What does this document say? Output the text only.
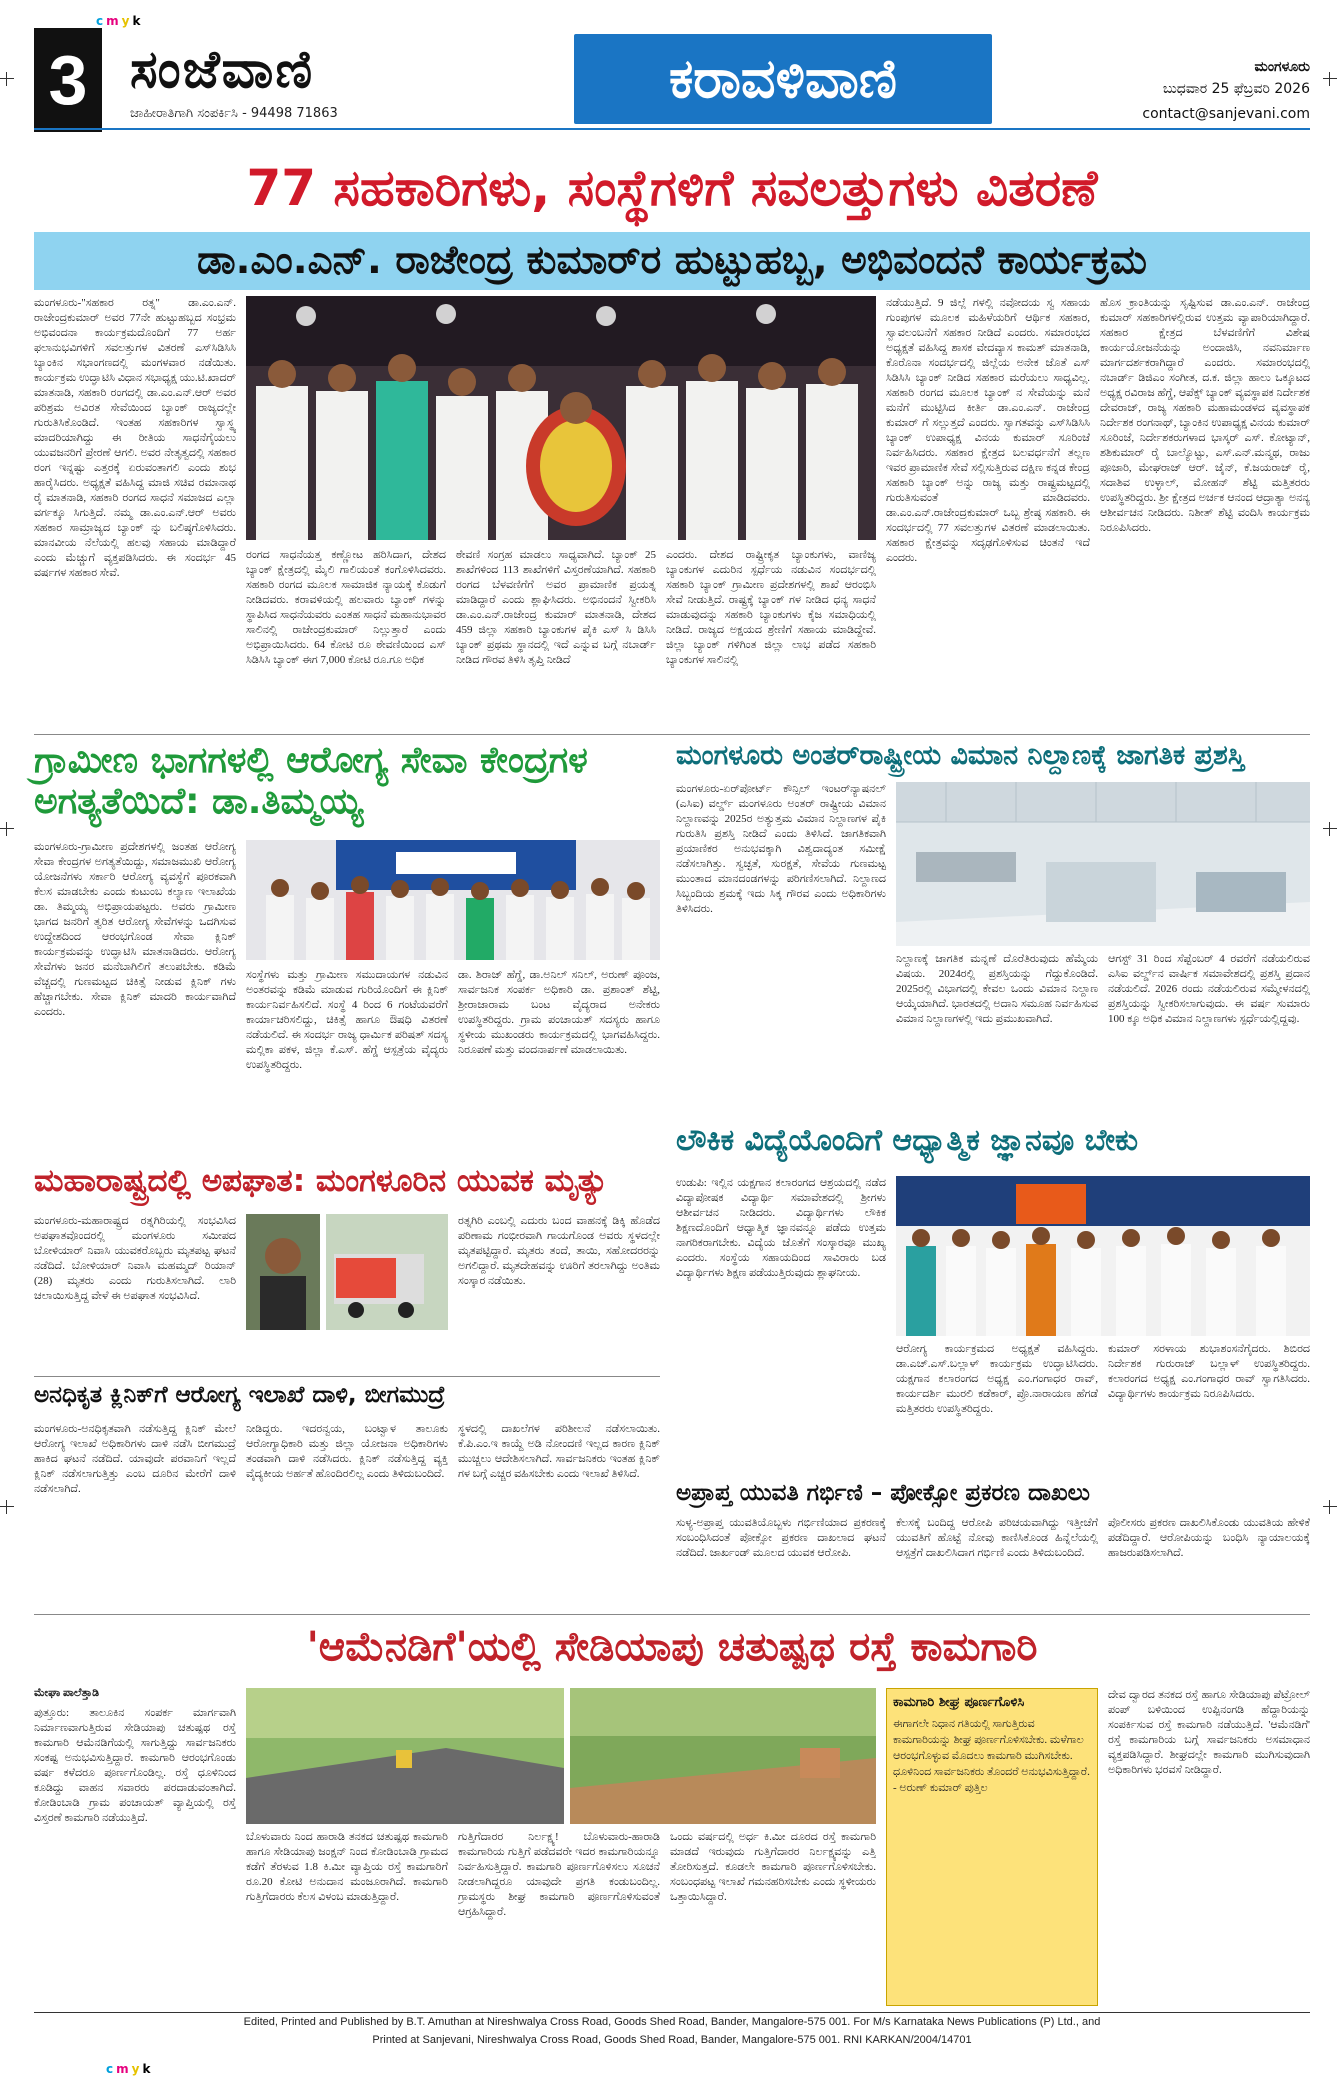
cmyk
3 ಸಂಜೆವಾಣಿ
ಜಾಹೀರಾತಿಗಾಗಿ ಸಂಪರ್ಕಿಸಿ - 94498 71863
ಕರಾವಳಿವಾಣಿ	ಮಂಗಳೂರು
ಬುಧವಾರ 25 ಫೆಬ್ರವರಿ 2026
contact@sanjevani.com
77 ಸಹಕಾರಿಗಳು, ಸಂಸ್ಥೆಗಳಿಗೆ ಸವಲತ್ತುಗಳು ವಿತರಣೆ
ಡಾ.ಎಂ.ಎನ್. ರಾಜೇಂದ್ರ ಕುಮಾರ್‌ರ ಹುಟ್ಟುಹಬ್ಬ, ಅಭಿವಂದನೆ ಕಾರ್ಯಕ್ರಮ
ಮಂಗಳೂರು-"ಸಹಕಾರ ರತ್ನ" ಡಾ.ಎಂ.ಎನ್. ರಾಜೇಂದ್ರಕುಮಾರ್ ಅವರ 77ನೇ ಹುಟ್ಟುಹಬ್ಬದ ಸಂಭ್ರಮ ಅಭಿವಂದನಾ ಕಾರ್ಯಕ್ರಮದೊಂದಿಗೆ 77 ಅರ್ಹ ಫಲಾನುಭವಿಗಳಿಗೆ ಸವಲತ್ತುಗಳ ವಿತರಣೆ ಎಸ್‌ಸಿಡಿಸಿಸಿ ಬ್ಯಾಂಕಿನ ಸಭಾಂಗಣದಲ್ಲಿ ಮಂಗಳವಾರ ನಡೆಯಿತು. ಕಾರ್ಯಕ್ರಮ ಉದ್ಘಾಟಿಸಿ ವಿಧಾನ ಸಭಾಧ್ಯಕ್ಷ ಯು.ಟಿ.ಖಾದರ್ ಮಾತನಾಡಿ, ಸಹಕಾರಿ ರಂಗದಲ್ಲಿ ಡಾ.ಎಂ.ಎನ್.ಆರ್ ಅವರ ಪರಿಶ್ರಮ ಅವಿರತ ಸೇವೆಯಿಂದ ಬ್ಯಾಂಕ್ ರಾಜ್ಯದಲ್ಲೇ ಗುರುತಿಸಿಕೊಂಡಿದೆ. ಇಂತಹ ಸಹಕಾರಿಗಳ ಸ್ವಾಸ್ಥ್ಯ ಮಾದರಿಯಾಗಿದ್ದು ಈ ರೀತಿಯ ಸಾಧನೆಗೈಯಲು ಯುವಜನರಿಗೆ ಪ್ರೇರಣೆ ಆಗಲಿ. ಅವರ ನೇತೃತ್ವದಲ್ಲಿ ಸಹಕಾರ ರಂಗ ಇನ್ನಷ್ಟು ಎತ್ತರಕ್ಕೆ ಏರುವಂತಾಗಲಿ ಎಂದು ಶುಭ ಹಾರೈಸಿದರು. ಅಧ್ಯಕ್ಷತೆ ವಹಿಸಿದ್ದ ಮಾಜಿ ಸಚಿವ ರಮಾನಾಥ ರೈ ಮಾತನಾಡಿ, ಸಹಕಾರಿ ರಂಗದ ಸಾಧನೆ ಸಮಾಜದ ಎಲ್ಲಾ ವರ್ಗಕ್ಕೂ ಸಿಗುತ್ತಿದೆ. ನಮ್ಮ ಡಾ.ಎಂ.ಎನ್.ಆರ್ ಅವರು ಸಹಕಾರ ಸಾಮ್ರಾಜ್ಯದ ಬ್ಯಾಂಕ್ ನ್ನು ಬಲಿಷ್ಠಗೊಳಿಸಿದರು. ಮಾನವೀಯ ನೆಲೆಯಲ್ಲಿ ಹಲವು ಸಹಾಯ ಮಾಡಿದ್ದಾರೆ ಎಂದು ಮೆಚ್ಚುಗೆ ವ್ಯಕ್ತಪಡಿಸಿದರು. ಈ ಸಂದರ್ಭ 45 ವರ್ಷಗಳ ಸಹಕಾರ ಸೇವೆ.
ರಂಗದ ಸಾಧನೆಯತ್ತ ಕಣ್ಣೋಟ ಹರಿಸಿದಾಗ, ದೇಶದ ಬ್ಯಾಂಕ್ ಕ್ಷೇತ್ರದಲ್ಲಿ ಮೈಲಿ ಗಾಲಿಯಂತೆ ಕಂಗೊಳಿಸಿದವರು. ಸಹಕಾರಿ ರಂಗದ ಮೂಲಕ ಸಾಮಾಜಿಕ ನ್ಯಾಯಕ್ಕೆ ಕೊಡುಗೆ ನೀಡಿದವರು. ಕರಾವಳಿಯಲ್ಲಿ ಹಲವಾರು ಬ್ಯಾಂಕ್ ಗಳನ್ನು ಸ್ಥಾಪಿಸಿದ ಸಾಧನೆಯವರು ಎಂತಹ ಸಾಧನೆ ಮಹಾನುಭಾವರ ಸಾಲಿನಲ್ಲಿ ರಾಜೇಂದ್ರಕುಮಾರ್ ನಿಲ್ಲುತ್ತಾರೆ ಎಂದು ಅಭಿಪ್ರಾಯಿಸಿದರು. 64 ಕೋಟಿ ರೂ ಠೇವಣಿಯಿಂದ ಎಸ್ ಸಿಡಿಸಿಸಿ ಬ್ಯಾಂಕ್ ಈಗ 7,000 ಕೋಟಿ ರೂ.ಗೂ ಅಧಿಕ
ಠೇವಣಿ ಸಂಗ್ರಹ ಮಾಡಲು ಸಾಧ್ಯವಾಗಿದೆ. ಬ್ಯಾಂಕ್ 25 ಶಾಖೆಗಳಿಂದ 113 ಶಾಖೆಗಳಿಗೆ ವಿಸ್ತರಣೆಯಾಗಿದೆ. ಸಹಕಾರಿ ರಂಗದ ಬೆಳವಣಿಗೆಗೆ ಅವರ ಪ್ರಾಮಾಣಿಕ ಪ್ರಯತ್ನ ಮಾಡಿದ್ದಾರೆ ಎಂದು ಶ್ಲಾಘಿಸಿದರು. ಅಭಿನಂದನೆ ಸ್ವೀಕರಿಸಿ ಡಾ.ಎಂ.ಎನ್.ರಾಜೇಂದ್ರ ಕುಮಾರ್ ಮಾತನಾಡಿ, ದೇಶದ 459 ಜಿಲ್ಲಾ ಸಹಕಾರಿ ಬ್ಯಾಂಕುಗಳ ಪೈಕಿ ಎಸ್ ಸಿ ಡಿಸಿಸಿ ಬ್ಯಾಂಕ್ ಪ್ರಥಮ ಸ್ಥಾನದಲ್ಲಿ ಇದೆ ಎನ್ನುವ ಬಗ್ಗೆ ನಬಾರ್ಡ್ ನೀಡಿದ ಗೌರವ ತಿಳಿಸಿ ತೃಪ್ತಿ ನೀಡಿದೆ
ಎಂದರು. ದೇಶದ ರಾಷ್ಟ್ರೀಕೃತ ಬ್ಯಾಂಕುಗಳು, ವಾಣಿಜ್ಯ ಬ್ಯಾಂಕುಗಳ ಎದುರಿನ ಸ್ಪರ್ಧೆಯ ನಡುವಿನ ಸಂದರ್ಭದಲ್ಲಿ ಸಹಕಾರಿ ಬ್ಯಾಂಕ್ ಗ್ರಾಮೀಣ ಪ್ರದೇಶಗಳಲ್ಲಿ ಶಾಖೆ ಆರಂಭಿಸಿ ಸೇವೆ ನೀಡುತ್ತಿದೆ. ರಾಷ್ಟ್ರಕ್ಕೆ ಬ್ಯಾಂಕ್ ಗಳ ನೀಡಿದ ಧನ್ಯ ಸಾಧನೆ ಮಾಡುವುದನ್ನು ಸಹಕಾರಿ ಬ್ಯಾಂಕುಗಳು ಕೈಜ ಸಮಾಧಿಯಲ್ಲಿ ನೀಡಿದೆ. ರಾಜ್ಯದ ಅಕ್ಷಯದ ಶ್ರೇಣಿಗೆ ಸಹಾಯ ಮಾಡಿದ್ದೇವೆ. ಜಿಲ್ಲಾ ಬ್ಯಾಂಕ್ ಗಳಿಗಿಂತ ಜಿಲ್ಲಾ ಲಾಭ ಪಡೆದ ಸಹಕಾರಿ ಬ್ಯಾಂಕುಗಳ ಸಾಲಿನಲ್ಲಿ
ನಡೆಯುತ್ತಿದೆ. 9 ಜಿಲ್ಲೆ ಗಳಲ್ಲಿ ನವೋದಯ ಸ್ವ ಸಹಾಯ ಗುಂಪುಗಳ ಮೂಲಕ ಮಹಿಳೆಯರಿಗೆ ಆರ್ಥಿಕ ಸಹಕಾರ, ಸ್ವಾವಲಂಬನೆಗೆ ಸಹಕಾರ ನೀಡಿದೆ ಎಂದರು. ಸಮಾರಂಭದ ಅಧ್ಯಕ್ಷತೆ ವಹಿಸಿದ್ದ ಶಾಸಕ ವೇದವ್ಯಾಸ ಕಾಮತ್ ಮಾತನಾಡಿ, ಕೊರೊನಾ ಸಂದರ್ಭದಲ್ಲಿ ಜಿಲ್ಲೆಯ ಅನೇಕ ಜೊತೆ ಎಸ್ ಸಿಡಿಸಿಸಿ ಬ್ಯಾಂಕ್ ನೀಡಿದ ಸಹಕಾರ ಮರೆಯಲು ಸಾಧ್ಯವಿಲ್ಲ. ಸಹಕಾರಿ ರಂಗದ ಮೂಲಕ ಬ್ಯಾಂಕ್ ನ ಸೇವೆಯನ್ನು ಮನೆ ಮನೆಗೆ ಮುಟ್ಟಿಸಿದ ಕೀರ್ತಿ ಡಾ.ಎಂ.ಎನ್. ರಾಜೇಂದ್ರ ಕುಮಾರ್ ಗೆ ಸಲ್ಲುತ್ತದೆ ಎಂದರು. ಸ್ವಾಗತವನ್ನು ಎಸ್‌ಸಿಡಿಸಿಸಿ ಬ್ಯಾಂಕ್ ಉಪಾಧ್ಯಕ್ಷ ವಿನಯ ಕುಮಾರ್ ಸೂರಿಂಜೆ ನಿರ್ವಹಿಸಿದರು. ಸಹಕಾರ ಕ್ಷೇತ್ರದ ಬಲವರ್ಧನೆಗೆ ತಲ್ಲಣ ಇವರ ಪ್ರಾಮಾಣಿಕ ಸೇವೆ ಸಲ್ಲಿಸುತ್ತಿರುವ ದಕ್ಷಿಣ ಕನ್ನಡ ಕೇಂದ್ರ ಸಹಕಾರಿ ಬ್ಯಾಂಕ್ ಅನ್ನು ರಾಜ್ಯ ಮತ್ತು ರಾಷ್ಟ್ರಮಟ್ಟದಲ್ಲಿ ಗುರುತಿಸುವಂತೆ ಮಾಡಿದವರು. ಡಾ.ಎಂ.ಎನ್.ರಾಜೇಂದ್ರಕುಮಾರ್ ಒಬ್ಬ ಶ್ರೇಷ್ಠ ಸಹಕಾರಿ. ಈ ಸಂದರ್ಭದಲ್ಲಿ 77 ಸವಲತ್ತುಗಳ ವಿತರಣೆ ಮಾಡಲಾಯಿತು. ಸಹಕಾರ ಕ್ಷೇತ್ರವನ್ನು ಸದೃಢಗೊಳಿಸುವ ಚಿಂತನೆ ಇದೆ ಎಂದರು.
ಹೊಸ ಕ್ರಾಂತಿಯನ್ನು ಸೃಷ್ಟಿಸುವ ಡಾ.ಎಂ.ಎನ್. ರಾಜೇಂದ್ರ ಕುಮಾರ್ ಸಹಕಾರಿಗಳಲ್ಲಿರುವ ಉತ್ತಮ ವ್ಯಾಪಾರಿಯಾಗಿದ್ದಾರೆ. ಸಹಕಾರ ಕ್ಷೇತ್ರದ ಬೆಳವಣಿಗೆಗೆ ವಿಶೇಷ ಕಾರ್ಯಯೋಜನೆಯನ್ನು ಅಂದಾಜಿಸಿ, ನವನಿರ್ಮಾಣ ಮಾರ್ಗದರ್ಶಕರಾಗಿದ್ದಾರೆ ಎಂದರು. ಸಮಾರಂಭದಲ್ಲಿ ನಬಾರ್ಡ್ ಡಿಜಿಎಂ ಸಂಗೀತ, ದ.ಕ. ಜಿಲ್ಲಾ ಹಾಲು ಒಕ್ಕೂಟದ ಅಧ್ಯಕ್ಷ ರವಿರಾಜ ಹೆಗ್ಡೆ, ಆಪೆಕ್ಸ್ ಬ್ಯಾಂಕ್ ವ್ಯವಸ್ಥಾಪಕ ನಿರ್ದೇಶಕ ದೇವರಾಜ್, ರಾಜ್ಯ ಸಹಕಾರಿ ಮಹಾಮಂಡಳದ ವ್ಯವಸ್ಥಾಪಕ ನಿರ್ದೇಶಕ ರಂಗನಾಥ್, ಬ್ಯಾಂಕಿನ ಉಪಾಧ್ಯಕ್ಷ ವಿನಯ ಕುಮಾರ್ ಸೂರಿಂಜೆ, ನಿರ್ದೇಶಕರುಗಳಾದ ಭಾಸ್ಕರ್ ಎಸ್. ಕೋಟ್ಯಾನ್, ಶಶಿಕುಮಾರ್ ರೈ ಬಾಲ್ಯೊಟ್ಟು, ಎಸ್.ಎನ್.ಮನ್ಮಥ, ರಾಜು ಪೂಜಾರಿ, ಮೇಘರಾಜ್ ಆರ್. ಜೈನ್, ಕೆ.ಜಯರಾಜ್ ರೈ, ಸದಾಶಿವ ಉಳ್ಳಾಲ್, ಮೋಹನ್ ಶೆಟ್ಟಿ ಮತ್ತಿತರರು ಉಪಸ್ಥಿತರಿದ್ದರು. ಶ್ರೀ ಕ್ಷೇತ್ರದ ಅರ್ಚಕ ಆನಂದ ಆದ್ರಾತ್ಯಾ ಅನನ್ಯ ಆಶೀರ್ವಚನ ನೀಡಿದರು. ನಿಶೀತ್ ಶೆಟ್ಟಿ ವಂದಿಸಿ ಕಾರ್ಯಕ್ರಮ ನಿರೂಪಿಸಿದರು.
ಗ್ರಾಮೀಣ ಭಾಗಗಳಲ್ಲಿ ಆರೋಗ್ಯ ಸೇವಾ ಕೇಂದ್ರಗಳ ಅಗತ್ಯತೆಯಿದೆ: ಡಾ.ತಿಮ್ಮಯ್ಯ
ಮಂಗಳೂರು-ಗ್ರಾಮೀಣ ಪ್ರದೇಶಗಳಲ್ಲಿ ಜಂತಹ ಆರೋಗ್ಯ ಸೇವಾ ಕೇಂದ್ರಗಳ ಅಗತ್ಯತೆಯಿದ್ದು, ಸಮಾಜಮುಖಿ ಆರೋಗ್ಯ ಯೋಜನೆಗಳು ಸರ್ಕಾರಿ ಆರೋಗ್ಯ ವ್ಯವಸ್ಥೆಗೆ ಪೂರಕವಾಗಿ ಕೆಲಸ ಮಾಡಬೇಕು ಎಂದು ಕುಟುಂಬ ಕಲ್ಯಾಣ ಇಲಾಖೆಯ ಡಾ. ತಿಮ್ಮಯ್ಯ ಅಭಿಪ್ರಾಯಪಟ್ಟರು. ಅವರು ಗ್ರಾಮೀಣ ಭಾಗದ ಜನರಿಗೆ ತ್ವರಿತ ಆರೋಗ್ಯ ಸೇವೆಗಳನ್ನು ಒದಗಿಸುವ ಉದ್ದೇಶದಿಂದ ಆರಂಭಗೊಂಡ ಸೇವಾ ಕ್ಲಿನಿಕ್ ಕಾರ್ಯಕ್ರಮವನ್ನು ಉದ್ಘಾಟಿಸಿ ಮಾತನಾಡಿದರು. ಆರೋಗ್ಯ ಸೇವೆಗಳು ಜನರ ಮನೆಬಾಗಿಲಿಗೆ ತಲುಪಬೇಕು. ಕಡಿಮೆ ವೆಚ್ಚದಲ್ಲಿ ಗುಣಮಟ್ಟದ ಚಿಕಿತ್ಸೆ ನೀಡುವ ಕ್ಲಿನಿಕ್ ಗಳು ಹೆಚ್ಚಾಗಬೇಕು. ಸೇವಾ ಕ್ಲಿನಿಕ್ ಮಾದರಿ ಕಾರ್ಯವಾಗಿದೆ ಎಂದರು.
ಸಂಸ್ಥೆಗಳು ಮತ್ತು ಗ್ರಾಮೀಣ ಸಮುದಾಯಗಳ ನಡುವಿನ ಅಂತರವನ್ನು ಕಡಿಮೆ ಮಾಡುವ ಗುರಿಯೊಂದಿಗೆ ಈ ಕ್ಲಿನಿಕ್ ಕಾರ್ಯನಿರ್ವಹಿಸಲಿದೆ. ಸಂಸ್ಥೆ 4 ರಿಂದ 6 ಗಂಟೆಯವರೆಗೆ ಕಾರ್ಯಾಚರಿಸಲಿದ್ದು, ಚಿಕಿತ್ಸೆ ಹಾಗೂ ಔಷಧಿ ವಿತರಣೆ ನಡೆಯಲಿದೆ. ಈ ಸಂದರ್ಭ ರಾಜ್ಯ ಧಾರ್ಮಿಕ ಪರಿಷತ್ ಸದಸ್ಯ ಮಲ್ಲಿಕಾ ಪಕಳ, ಜಿಲ್ಲಾ ಕೆ.ಎಸ್. ಹೆಗ್ಡೆ ಆಸ್ಪತ್ರೆಯ ವೈದ್ಯರು ಉಪಸ್ಥಿತರಿದ್ದರು.
ಡಾ. ಶಿರಾಜ್ ಹೆಗ್ಡೆ, ಡಾ.ಅನಿಲ್ ಸನಿಲ್, ಅರುಣ್ ಪೂಂಜ, ಸಾರ್ವಜನಿಕ ಸಂಪರ್ಕ ಅಧಿಕಾರಿ ಡಾ. ಪ್ರಶಾಂತ್ ಶೆಟ್ಟಿ, ಶ್ರೀರಾಜಾರಾಮ ಬಂಟ ವೈದ್ಯರಾದ ಅನೇಕರು ಉಪಸ್ಥಿತರಿದ್ದರು. ಗ್ರಾಮ ಪಂಚಾಯತ್ ಸದಸ್ಯರು ಹಾಗೂ ಸ್ಥಳೀಯ ಮುಖಂಡರು ಕಾರ್ಯಕ್ರಮದಲ್ಲಿ ಭಾಗವಹಿಸಿದ್ದರು. ನಿರೂಪಣೆ ಮತ್ತು ವಂದನಾರ್ಪಣೆ ಮಾಡಲಾಯಿತು.
ಮಂಗಳೂರು ಅಂತರ್‌ರಾಷ್ಟ್ರೀಯ ವಿಮಾನ ನಿಲ್ದಾಣಕ್ಕೆ ಜಾಗತಿಕ ಪ್ರಶಸ್ತಿ
ಮಂಗಳೂರು-ಏರ್‌ಪೋರ್ಟ್ ಕೌನ್ಸಿಲ್ ಇಂಟರ್‌ನ್ಯಾಷನಲ್ (ಎಸಿಐ) ವರ್ಲ್ಡ್ ಮಂಗಳೂರು ಅಂತರ್ ರಾಷ್ಟ್ರೀಯ ವಿಮಾನ ನಿಲ್ದಾಣವನ್ನು 2025ರ ಅತ್ಯುತ್ತಮ ವಿಮಾನ ನಿಲ್ದಾಣಗಳ ಪೈಕಿ ಗುರುತಿಸಿ ಪ್ರಶಸ್ತಿ ನೀಡಿದೆ ಎಂದು ತಿಳಿಸಿದೆ. ಜಾಗತಿಕವಾಗಿ ಪ್ರಯಾಣಿಕರ ಅನುಭವಕ್ಕಾಗಿ ವಿಶ್ವದಾದ್ಯಂತ ಸಮೀಕ್ಷೆ ನಡೆಸಲಾಗಿತ್ತು. ಸ್ವಚ್ಛತೆ, ಸುರಕ್ಷತೆ, ಸೇವೆಯ ಗುಣಮಟ್ಟ ಮುಂತಾದ ಮಾನದಂಡಗಳನ್ನು ಪರಿಗಣಿಸಲಾಗಿದೆ. ನಿಲ್ದಾಣದ ಸಿಬ್ಬಂದಿಯ ಶ್ರಮಕ್ಕೆ ಇದು ಸಿಕ್ಕ ಗೌರವ ಎಂದು ಅಧಿಕಾರಿಗಳು ತಿಳಿಸಿದರು.
ನಿಲ್ದಾಣಕ್ಕೆ ಜಾಗತಿಕ ಮನ್ನಣೆ ದೊರೆತಿರುವುದು ಹೆಮ್ಮೆಯ ವಿಷಯ. 2024ರಲ್ಲಿ ಪ್ರಶಸ್ತಿಯನ್ನು ಗೆದ್ದುಕೊಂಡಿದೆ. 2025ರಲ್ಲಿ ವಿಭಾಗದಲ್ಲಿ ಕೇವಲ ಒಂದು ವಿಮಾನ ನಿಲ್ದಾಣ ಆಯ್ಕೆಯಾಗಿದೆ. ಭಾರತದಲ್ಲಿ ಅದಾನಿ ಸಮೂಹ ನಿರ್ವಹಿಸುವ ವಿಮಾನ ನಿಲ್ದಾಣಗಳಲ್ಲಿ ಇದು ಪ್ರಮುಖವಾಗಿದೆ.
ಆಗಸ್ಟ್ 31 ರಿಂದ ಸೆಪ್ಟೆಂಬರ್ 4 ರವರೆಗೆ ನಡೆಯಲಿರುವ ಎಸಿಐ ವರ್ಲ್ಡ್‌ನ ವಾರ್ಷಿಕ ಸಮಾವೇಶದಲ್ಲಿ ಪ್ರಶಸ್ತಿ ಪ್ರದಾನ ನಡೆಯಲಿದೆ. 2026 ರಂದು ನಡೆಯಲಿರುವ ಸಮ್ಮೇಳನದಲ್ಲಿ ಪ್ರಶಸ್ತಿಯನ್ನು ಸ್ವೀಕರಿಸಲಾಗುವುದು. ಈ ವರ್ಷ ಸುಮಾರು 100 ಕ್ಕೂ ಅಧಿಕ ವಿಮಾನ ನಿಲ್ದಾಣಗಳು ಸ್ಪರ್ಧೆಯಲ್ಲಿದ್ದವು.
ಲೌಕಿಕ ವಿದ್ಯೆಯೊಂದಿಗೆ ಆಧ್ಯಾತ್ಮಿಕ ಜ್ಞಾನವೂ ಬೇಕು
ಉಡುಪಿ: ಇಲ್ಲಿನ ಯಕ್ಷಗಾನ ಕಲಾರಂಗದ ಆಶ್ರಯದಲ್ಲಿ ನಡೆದ ವಿದ್ಯಾಪೋಷಕ ವಿದ್ಯಾರ್ಥಿ ಸಮಾವೇಶದಲ್ಲಿ ಶ್ರೀಗಳು ಆಶೀರ್ವಚನ ನೀಡಿದರು. ವಿದ್ಯಾರ್ಥಿಗಳು ಲೌಕಿಕ ಶಿಕ್ಷಣದೊಂದಿಗೆ ಆಧ್ಯಾತ್ಮಿಕ ಜ್ಞಾನವನ್ನೂ ಪಡೆದು ಉತ್ತಮ ನಾಗರಿಕರಾಗಬೇಕು. ವಿದ್ಯೆಯ ಜೊತೆಗೆ ಸಂಸ್ಕಾರವೂ ಮುಖ್ಯ ಎಂದರು. ಸಂಸ್ಥೆಯ ಸಹಾಯದಿಂದ ಸಾವಿರಾರು ಬಡ ವಿದ್ಯಾರ್ಥಿಗಳು ಶಿಕ್ಷಣ ಪಡೆಯುತ್ತಿರುವುದು ಶ್ಲಾಘನೀಯ.
ಆರೋಗ್ಯ ಕಾರ್ಯಕ್ರಮದ ಅಧ್ಯಕ್ಷತೆ ವಹಿಸಿದ್ದರು. ಡಾ.ಎಚ್.ಎಸ್.ಬಲ್ಲಾಳ್ ಕಾರ್ಯಕ್ರಮ ಉದ್ಘಾಟಿಸಿದರು. ಯಕ್ಷಗಾನ ಕಲಾರಂಗದ ಅಧ್ಯಕ್ಷ ಎಂ.ಗಂಗಾಧರ ರಾವ್, ಕಾರ್ಯದರ್ಶಿ ಮುರಲಿ ಕಡೆಕಾರ್, ಪ್ರೊ.ನಾರಾಯಣ ಹೆಗಡೆ ಮತ್ತಿತರರು ಉಪಸ್ಥಿತರಿದ್ದರು.
ಕುಮಾರ್ ಸರಳಾಯ ಶುಭಾಶಂಸನೆಗೈದರು. ಶಿಬಿರದ ನಿರ್ದೇಶಕ ಗುರುರಾಜ್ ಬಲ್ಲಾಳ್ ಉಪಸ್ಥಿತರಿದ್ದರು. ಕಲಾರಂಗದ ಅಧ್ಯಕ್ಷ ಎಂ.ಗಂಗಾಧರ ರಾವ್ ಸ್ವಾಗತಿಸಿದರು. ವಿದ್ಯಾರ್ಥಿಗಳು ಕಾರ್ಯಕ್ರಮ ನಿರೂಪಿಸಿದರು.
ಮಹಾರಾಷ್ಟ್ರದಲ್ಲಿ ಅಪಘಾತ: ಮಂಗಳೂರಿನ ಯುವಕ ಮೃತ್ಯು
ಮಂಗಳೂರು-ಮಹಾರಾಷ್ಟ್ರದ ರತ್ನಗಿರಿಯಲ್ಲಿ ಸಂಭವಿಸಿದ ಅಪಘಾತವೊಂದರಲ್ಲಿ ಮಂಗಳೂರು ಸಮೀಪದ ಬೋಳಿಯಾರ್ ನಿವಾಸಿ ಯುವಕರೊಬ್ಬರು ಮೃತಪಟ್ಟ ಘಟನೆ ನಡೆದಿದೆ. ಬೋಳಿಯಾರ್ ನಿವಾಸಿ ಮಹಮ್ಮದ್ ರಿಯಾನ್ (28) ಮೃತರು ಎಂದು ಗುರುತಿಸಲಾಗಿದೆ. ಲಾರಿ ಚಲಾಯಿಸುತ್ತಿದ್ದ ವೇಳೆ ಈ ಅಪಘಾತ ಸಂಭವಿಸಿದೆ.
ರತ್ನಗಿರಿ ಎಂಬಲ್ಲಿ ಎದುರು ಬಂದ ವಾಹನಕ್ಕೆ ಡಿಕ್ಕಿ ಹೊಡೆದ ಪರಿಣಾಮ ಗಂಭೀರವಾಗಿ ಗಾಯಗೊಂಡ ಅವರು ಸ್ಥಳದಲ್ಲೇ ಮೃತಪಟ್ಟಿದ್ದಾರೆ. ಮೃತರು ತಂದೆ, ತಾಯಿ, ಸಹೋದರರನ್ನು ಅಗಲಿದ್ದಾರೆ. ಮೃತದೇಹವನ್ನು ಊರಿಗೆ ತರಲಾಗಿದ್ದು ಅಂತಿಮ ಸಂಸ್ಕಾರ ನಡೆಯಿತು.
ಅನಧಿಕೃತ ಕ್ಲಿನಿಕ್‌ಗೆ ಆರೋಗ್ಯ ಇಲಾಖೆ ದಾಳಿ, ಬೀಗಮುದ್ರೆ
ಮಂಗಳೂರು-ಅನಧಿಕೃತವಾಗಿ ನಡೆಸುತ್ತಿದ್ದ ಕ್ಲಿನಿಕ್ ಮೇಲೆ ಆರೋಗ್ಯ ಇಲಾಖೆ ಅಧಿಕಾರಿಗಳು ದಾಳಿ ನಡೆಸಿ ಬೀಗಮುದ್ರೆ ಹಾಕಿದ ಘಟನೆ ನಡೆದಿದೆ. ಯಾವುದೇ ಪರವಾನಿಗೆ ಇಲ್ಲದೆ ಕ್ಲಿನಿಕ್ ನಡೆಸಲಾಗುತ್ತಿತ್ತು ಎಂಬ ದೂರಿನ ಮೇರೆಗೆ ದಾಳಿ ನಡೆಸಲಾಗಿದೆ.
ನೀಡಿದ್ದರು. ಇದರನ್ವಯ, ಬಂಟ್ವಾಳ ತಾಲೂಕು ಆರೋಗ್ಯಾಧಿಕಾರಿ ಮತ್ತು ಜಿಲ್ಲಾ ಯೋಜನಾ ಅಧಿಕಾರಿಗಳು ತಂಡವಾಗಿ ದಾಳಿ ನಡೆಸಿದರು. ಕ್ಲಿನಿಕ್ ನಡೆಸುತ್ತಿದ್ದ ವ್ಯಕ್ತಿ ವೈದ್ಯಕೀಯ ಅರ್ಹತೆ ಹೊಂದಿರಲಿಲ್ಲ ಎಂದು ತಿಳಿದುಬಂದಿದೆ.
ಸ್ಥಳದಲ್ಲಿ ದಾಖಲೆಗಳ ಪರಿಶೀಲನೆ ನಡೆಸಲಾಯಿತು. ಕೆ.ಪಿ.ಎಂ.ಇ ಕಾಯ್ದೆ ಅಡಿ ನೋಂದಣಿ ಇಲ್ಲದ ಕಾರಣ ಕ್ಲಿನಿಕ್ ಮುಚ್ಚಲು ಆದೇಶಿಸಲಾಗಿದೆ. ಸಾರ್ವಜನಿಕರು ಇಂತಹ ಕ್ಲಿನಿಕ್ ಗಳ ಬಗ್ಗೆ ಎಚ್ಚರ ವಹಿಸಬೇಕು ಎಂದು ಇಲಾಖೆ ತಿಳಿಸಿದೆ.
ಅಪ್ರಾಪ್ತ ಯುವತಿ ಗರ್ಭಿಣಿ – ಪೋಕ್ಸೋ ಪ್ರಕರಣ ದಾಖಲು
ಸುಳ್ಯ-ಅಪ್ರಾಪ್ತ ಯುವತಿಯೊಬ್ಬಳು ಗರ್ಭಿಣಿಯಾದ ಪ್ರಕರಣಕ್ಕೆ ಸಂಬಂಧಿಸಿದಂತೆ ಪೋಕ್ಸೋ ಪ್ರಕರಣ ದಾಖಲಾದ ಘಟನೆ ನಡೆದಿದೆ. ಜಾರ್ಖಂಡ್ ಮೂಲದ ಯುವಕ ಆರೋಪಿ.
ಕೆಲಸಕ್ಕೆ ಬಂದಿದ್ದ ಆರೋಪಿ ಪರಿಚಯವಾಗಿದ್ದು ಇತ್ತೀಚೆಗೆ ಯುವತಿಗೆ ಹೊಟ್ಟೆ ನೋವು ಕಾಣಿಸಿಕೊಂಡ ಹಿನ್ನೆಲೆಯಲ್ಲಿ ಆಸ್ಪತ್ರೆಗೆ ದಾಖಲಿಸಿದಾಗ ಗರ್ಭಿಣಿ ಎಂದು ತಿಳಿದುಬಂದಿದೆ.
ಪೊಲೀಸರು ಪ್ರಕರಣ ದಾಖಲಿಸಿಕೊಂಡು ಯುವತಿಯ ಹೇಳಿಕೆ ಪಡೆದಿದ್ದಾರೆ. ಆರೋಪಿಯನ್ನು ಬಂಧಿಸಿ ನ್ಯಾಯಾಲಯಕ್ಕೆ ಹಾಜರುಪಡಿಸಲಾಗಿದೆ.
'ಆಮೆನಡಿಗೆ'ಯಲ್ಲಿ ಸೇಡಿಯಾಪು ಚತುಷ್ಪಥ ರಸ್ತೆ ಕಾಮಗಾರಿ
ಮೇಘಾ ಪಾಲೆತ್ತಾಡಿ
ಪುತ್ತೂರು: ತಾಲೂಕಿನ ಸಂಪರ್ಕ ಮಾರ್ಗವಾಗಿ ನಿರ್ಮಾಣವಾಗುತ್ತಿರುವ ಸೇಡಿಯಾಪು ಚತುಷ್ಪಥ ರಸ್ತೆ ಕಾಮಗಾರಿ ಆಮೆನಡಿಗೆಯಲ್ಲಿ ಸಾಗುತ್ತಿದ್ದು ಸಾರ್ವಜನಿಕರು ಸಂಕಷ್ಟ ಅನುಭವಿಸುತ್ತಿದ್ದಾರೆ. ಕಾಮಗಾರಿ ಆರಂಭಗೊಂಡು ವರ್ಷ ಕಳೆದರೂ ಪೂರ್ಣಗೊಂಡಿಲ್ಲ. ರಸ್ತೆ ಧೂಳಿನಿಂದ ಕೂಡಿದ್ದು ವಾಹನ ಸವಾರರು ಪರದಾಡುವಂತಾಗಿದೆ. ಕೋಡಿಂಬಾಡಿ ಗ್ರಾಮ ಪಂಚಾಯತ್ ವ್ಯಾಪ್ತಿಯಲ್ಲಿ ರಸ್ತೆ ವಿಸ್ತರಣೆ ಕಾಮಗಾರಿ ನಡೆಯುತ್ತಿದೆ.
ಬೊಳುವಾರು ನಿಂದ ಹಾರಾಡಿ ತನಕದ ಚತುಷ್ಪಥ ಕಾಮಗಾರಿ ಹಾಗೂ ಸೇಡಿಯಾಪು ಜಂಕ್ಷನ್ ನಿಂದ ಕೋಡಿಂಬಾಡಿ ಗ್ರಾಮದ ಕಡೆಗೆ ತೆರಳುವ 1.8 ಕಿ.ಮೀ ವ್ಯಾಪ್ತಿಯ ರಸ್ತೆ ಕಾಮಗಾರಿಗೆ ರೂ.20 ಕೋಟಿ ಅನುದಾನ ಮಂಜೂರಾಗಿದೆ. ಕಾಮಗಾರಿ ಗುತ್ತಿಗೆದಾರರು ಕೆಲಸ ವಿಳಂಬ ಮಾಡುತ್ತಿದ್ದಾರೆ.
ಗುತ್ತಿಗೆದಾರರ ನಿರ್ಲಕ್ಷ್ಯ! ಬೊಳುವಾರು-ಹಾರಾಡಿ ಕಾಮಗಾರಿಯ ಗುತ್ತಿಗೆ ಪಡೆದವರೇ ಇದರ ಕಾಮಗಾರಿಯನ್ನೂ ನಿರ್ವಹಿಸುತ್ತಿದ್ದಾರೆ. ಕಾಮಗಾರಿ ಪೂರ್ಣಗೊಳಿಸಲು ಸೂಚನೆ ನೀಡಲಾಗಿದ್ದರೂ ಯಾವುದೇ ಪ್ರಗತಿ ಕಂಡುಬಂದಿಲ್ಲ. ಗ್ರಾಮಸ್ಥರು ಶೀಘ್ರ ಕಾಮಗಾರಿ ಪೂರ್ಣಗೊಳಿಸುವಂತೆ ಆಗ್ರಹಿಸಿದ್ದಾರೆ.
ಒಂದು ವರ್ಷದಲ್ಲಿ ಅರ್ಧ ಕಿ.ಮೀ ದೂರದ ರಸ್ತೆ ಕಾಮಗಾರಿ ಮಾಡದೆ ಇರುವುದು ಗುತ್ತಿಗೆದಾರರ ನಿರ್ಲಕ್ಷ್ಯವನ್ನು ಎತ್ತಿ ತೋರಿಸುತ್ತದೆ. ಕೂಡಲೇ ಕಾಮಗಾರಿ ಪೂರ್ಣಗೊಳಿಸಬೇಕು. ಸಂಬಂಧಪಟ್ಟ ಇಲಾಖೆ ಗಮನಹರಿಸಬೇಕು ಎಂದು ಸ್ಥಳೀಯರು ಒತ್ತಾಯಿಸಿದ್ದಾರೆ.
ಕಾಮಗಾರಿ ಶೀಘ್ರ ಪೂರ್ಣಗೊಳಿಸಿ
ಈಗಾಗಲೇ ನಿಧಾನ ಗತಿಯಲ್ಲಿ ಸಾಗುತ್ತಿರುವ ಕಾಮಗಾರಿಯನ್ನು ಶೀಘ್ರ ಪೂರ್ಣಗೊಳಿಸಬೇಕು. ಮಳೆಗಾಲ ಆರಂಭಗೊಳ್ಳುವ ಮೊದಲು ಕಾಮಗಾರಿ ಮುಗಿಸಬೇಕು. ಧೂಳಿನಿಂದ ಸಾರ್ವಜನಿಕರು ತೊಂದರೆ ಅನುಭವಿಸುತ್ತಿದ್ದಾರೆ. - ಅರುಣ್ ಕುಮಾರ್ ಪುತ್ತಿಲ
ದೇವ ದ್ವಾರದ ತನಕದ ರಸ್ತೆ ಹಾಗೂ ಸೇಡಿಯಾಪು ಪೆಟ್ರೋಲ್ ಪಂಪ್ ಬಳಿಯಿಂದ ಉಪ್ಪಿನಂಗಡಿ ಹೆದ್ದಾರಿಯನ್ನು ಸಂಪರ್ಕಿಸುವ ರಸ್ತೆ ಕಾಮಗಾರಿ ನಡೆಯುತ್ತಿದೆ. 'ಆಮೆನಡಿಗೆ' ರಸ್ತೆ ಕಾಮಗಾರಿಯ ಬಗ್ಗೆ ಸಾರ್ವಜನಿಕರು ಅಸಮಾಧಾನ ವ್ಯಕ್ತಪಡಿಸಿದ್ದಾರೆ. ಶೀಘ್ರದಲ್ಲೇ ಕಾಮಗಾರಿ ಮುಗಿಸುವುದಾಗಿ ಅಧಿಕಾರಿಗಳು ಭರವಸೆ ನೀಡಿದ್ದಾರೆ.
Edited, Printed and Published by B.T. Amuthan at Nireshwalya Cross Road, Goods Shed Road, Bander, Mangalore-575 001. For M/s Karnataka News Publications (P) Ltd., and
Printed at Sanjevani, Nireshwalya Cross Road, Goods Shed Road, Bander, Mangalore-575 001. RNI KARKAN/2004/14701
cmyk
